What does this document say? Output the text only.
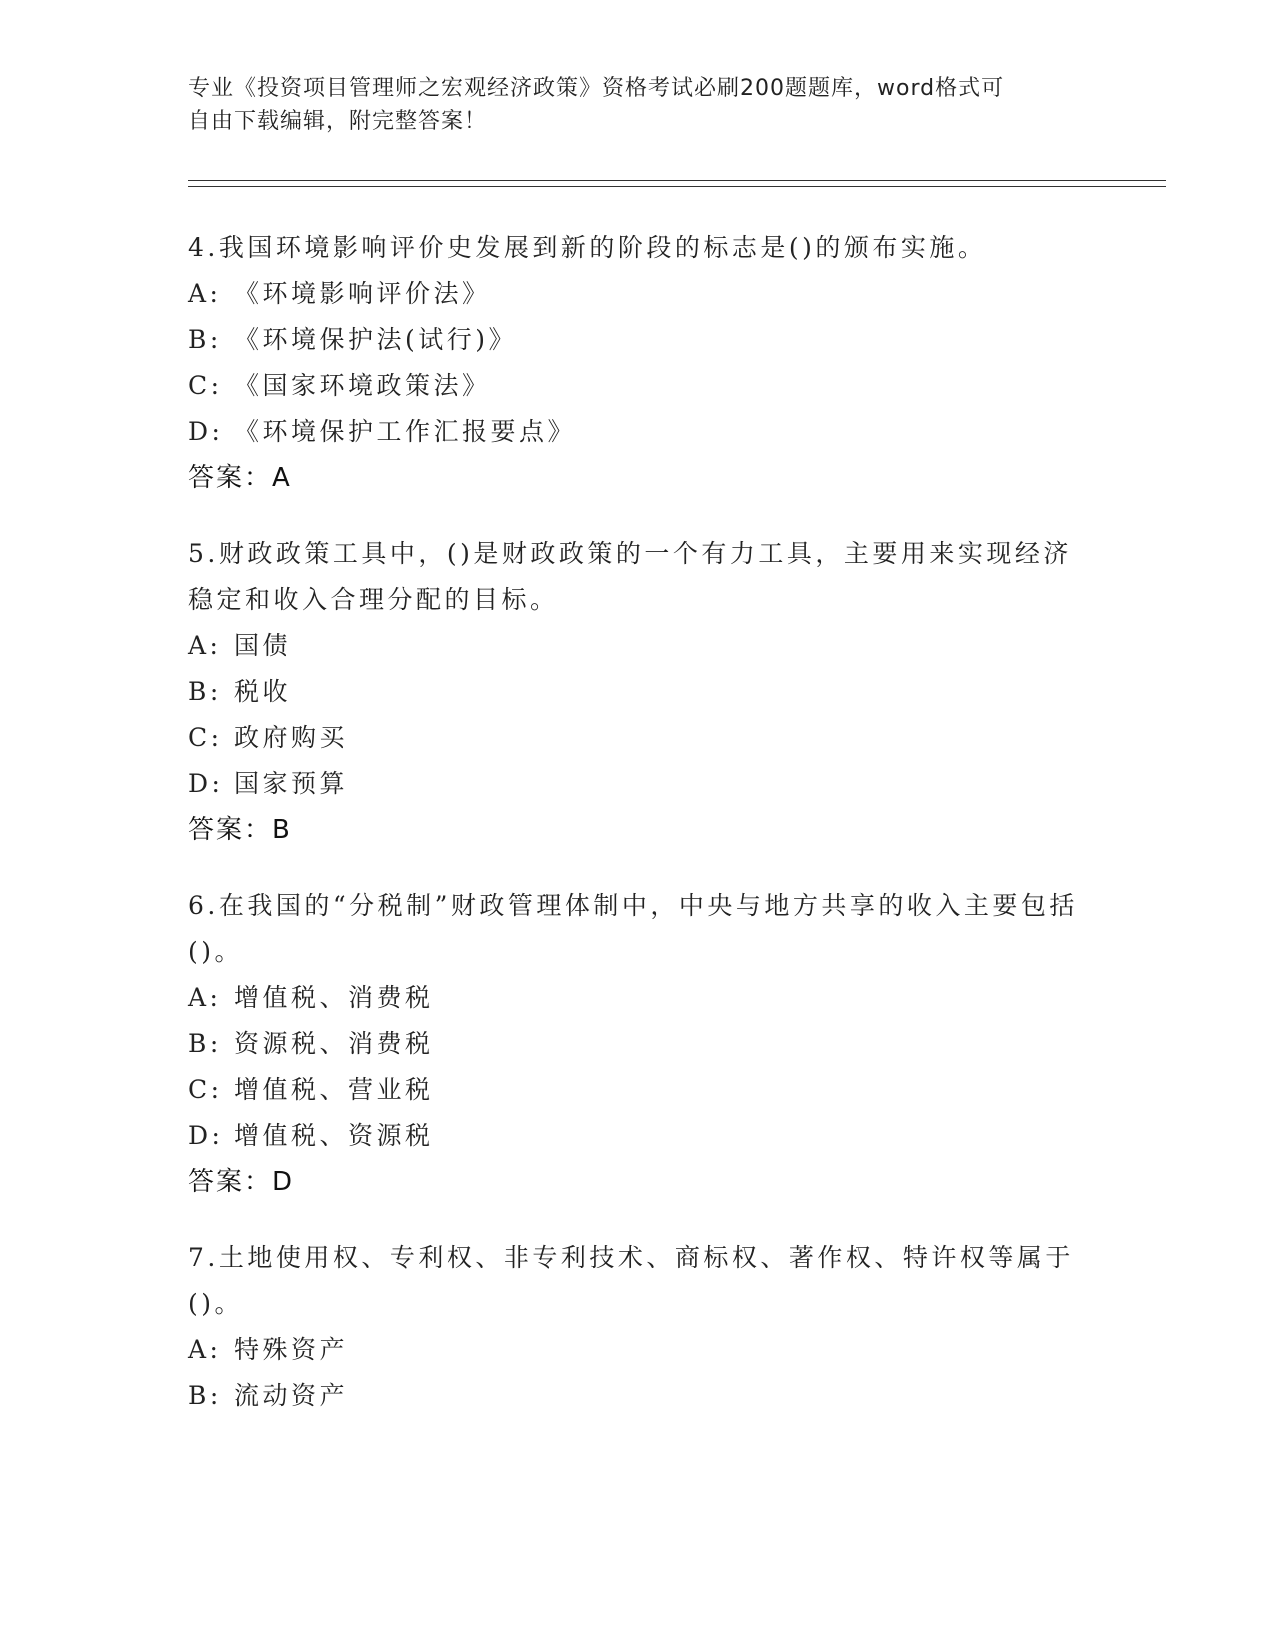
专业《投资项目管理师之宏观经济政策》资格考试必刷200题题库，word格式可
自由下载编辑，附完整答案！

4.我国环境影响评价史发展到新的阶段的标志是()的颁布实施。

A: 《环境影响评价法》

B: 《环境保护法(试行)》

C: 《国家环境政策法》

D: 《环境保护工作汇报要点》

答案：A

5.财政政策工具中，()是财政政策的一个有力工具，主要用来实现经济稳定和收入合理分配的目标。

A: 国债

B: 税收

C: 政府购买

D: 国家预算

答案：B

6.在我国的“分税制”财政管理体制中，中央与地方共享的收入主要包括()。

A: 增值税、消费税

B: 资源税、消费税

C: 增值税、营业税

D: 增值税、资源税

答案：D

7.土地使用权、专利权、非专利技术、商标权、著作权、特许权等属于()。

A: 特殊资产

B: 流动资产
